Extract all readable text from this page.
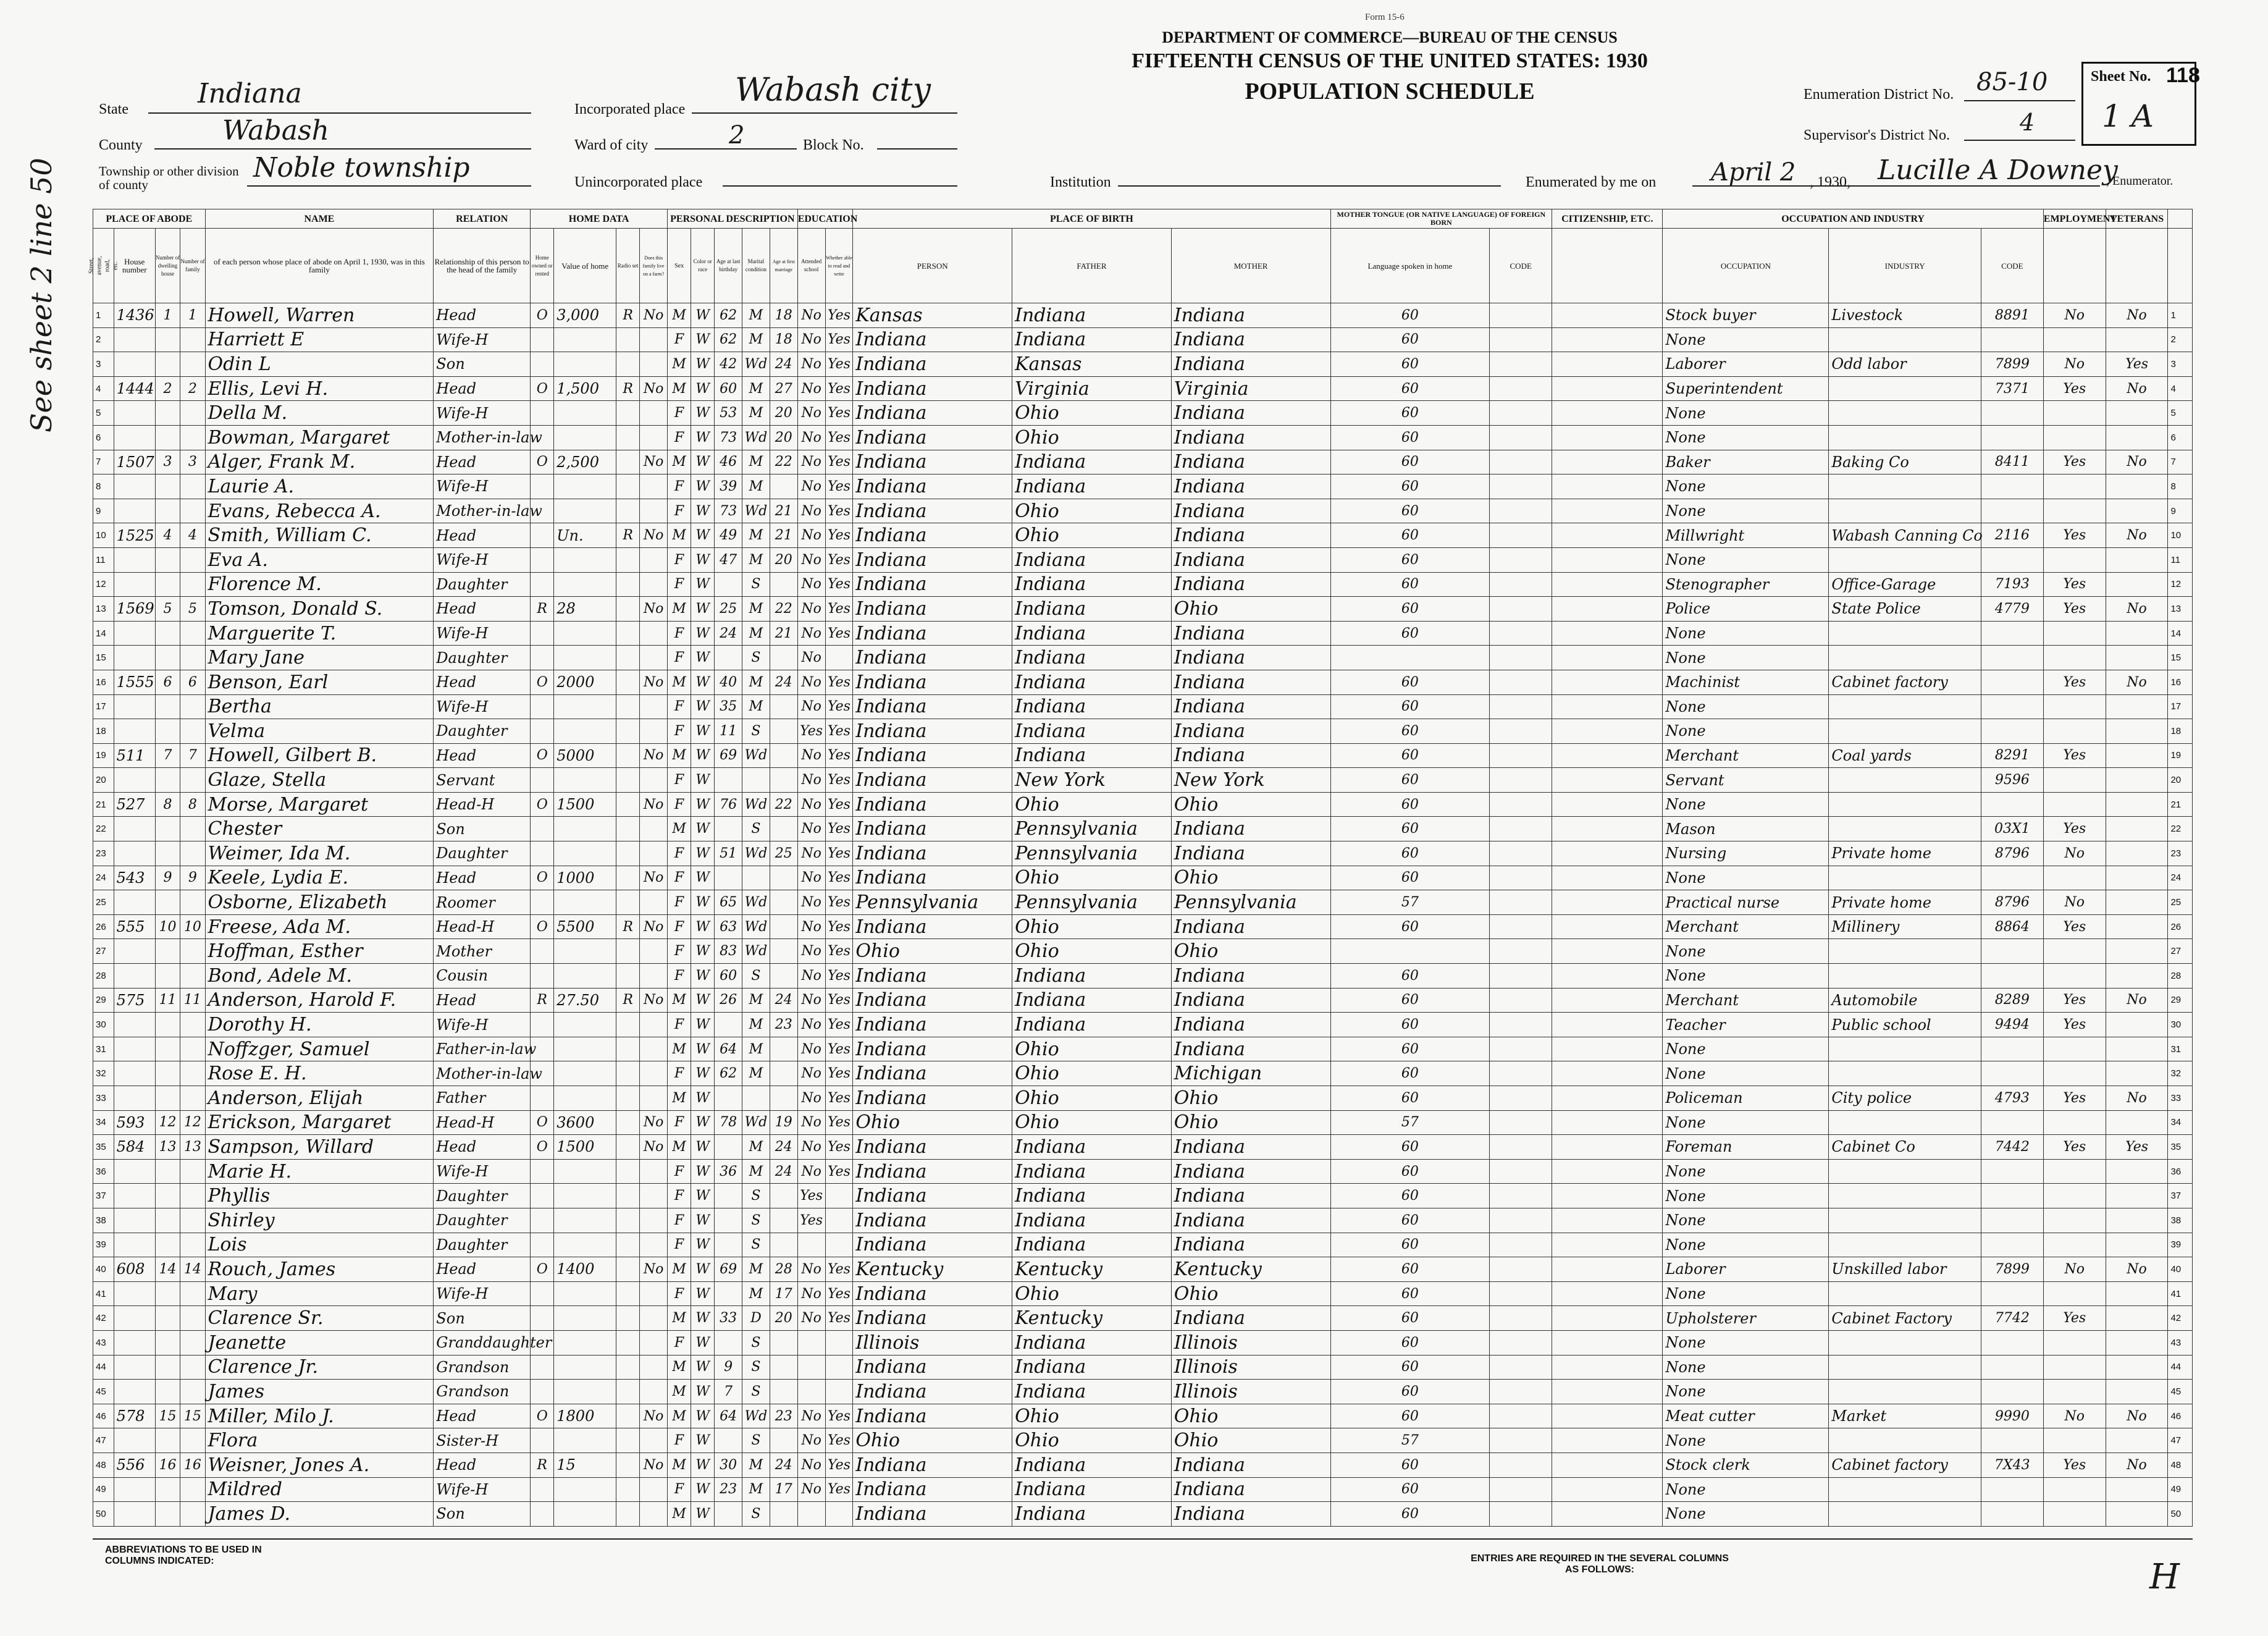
Form 15-6
DEPARTMENT OF COMMERCE—BUREAU OF THE CENSUS
FIFTEENTH CENSUS OF THE UNITED STATES: 1930
POPULATION SCHEDULE
State	Indiana
County	Wabash
Township or other division of county
Noble township
Incorporated place
Wabash city
Ward of city	2	Block No.
Unincorporated place	Institution
Enumeration District No. 85-10
Supervisor's District No.	4
Enumerated by me on April 2 , 1930, Lucille A Downey
, Enumerator.
Sheet No. 118
1 A
PLACE OF ABODE				NAME	RELATION	HOME DATA				PERSONAL DESCRIPTION					EDUCATION		PLACE OF BIRTH			MOTHER TONGUE (OR NATIVE LANGUAGE) OF FOREIGN BORN		CITIZENSHIP, ETC.	OCCUPATION AND INDUSTRY			EMPLOYMENT	VETERANS	

Street, avenue, road, etc.	House number	Number of dwelling house	Number of family	of each person whose place of abode on April 1, 1930, was in this family	Relationship of this person to the head of the family	Home owned or rented	Value of home	Radio set	Does this family live on a farm?	Sex	Color or race	Age at last birthday	Marital condition	Age at first marriage	Attended school	Whether able to read and write	PERSON	FATHER	MOTHER	Language spoken in home	CODE		OCCUPATION	INDUSTRY	CODE			
1	1436	1	1	Howell, Warren	Head	O	3,000	R	No	M	W	62	M	18	No	Yes	Kansas	Indiana	Indiana	60			Stock buyer	Livestock	8891	No	No	1
2				Harriett E	Wife-H					F	W	62	M	18	No	Yes	Indiana	Indiana	Indiana	60			None					2
3				Odin L	Son					M	W	42	Wd	24	No	Yes	Indiana	Kansas	Indiana	60			Laborer	Odd labor	7899	No	Yes	3
4	1444	2	2	Ellis, Levi H.	Head	O	1,500	R	No	M	W	60	M	27	No	Yes	Indiana	Virginia	Virginia	60			Superintendent		7371	Yes	No	4
5				Della M.	Wife-H					F	W	53	M	20	No	Yes	Indiana	Ohio	Indiana	60			None					5
6				Bowman, Margaret	Mother-in-law					F	W	73	Wd	20	No	Yes	Indiana	Ohio	Indiana	60			None					6
7	1507	3	3	Alger, Frank M.	Head	O	2,500		No	M	W	46	M	22	No	Yes	Indiana	Indiana	Indiana	60			Baker	Baking Co	8411	Yes	No	7
8				Laurie A.	Wife-H					F	W	39	M		No	Yes	Indiana	Indiana	Indiana	60			None					8
9				Evans, Rebecca A.	Mother-in-law					F	W	73	Wd	21	No	Yes	Indiana	Ohio	Indiana	60			None					9
10	1525	4	4	Smith, William C.	Head		Un.	R	No	M	W	49	M	21	No	Yes	Indiana	Ohio	Indiana	60			Millwright	Wabash Canning Co	2116	Yes	No	10
11				Eva A.	Wife-H					F	W	47	M	20	No	Yes	Indiana	Indiana	Indiana	60			None					11
12				Florence M.	Daughter					F	W		S		No	Yes	Indiana	Indiana	Indiana	60			Stenographer	Office-Garage	7193	Yes		12
13	1569	5	5	Tomson, Donald S.	Head	R	28		No	M	W	25	M	22	No	Yes	Indiana	Indiana	Ohio	60			Police	State Police	4779	Yes	No	13
14				Marguerite T.	Wife-H					F	W	24	M	21	No	Yes	Indiana	Indiana	Indiana	60			None					14
15				Mary Jane	Daughter					F	W		S		No		Indiana	Indiana	Indiana				None					15
16	1555	6	6	Benson, Earl	Head	O	2000		No	M	W	40	M	24	No	Yes	Indiana	Indiana	Indiana	60			Machinist	Cabinet factory		Yes	No	16
17				Bertha	Wife-H					F	W	35	M		No	Yes	Indiana	Indiana	Indiana	60			None					17
18				Velma	Daughter					F	W	11	S		Yes	Yes	Indiana	Indiana	Indiana	60			None					18
19	511	7	7	Howell, Gilbert B.	Head	O	5000		No	M	W	69	Wd		No	Yes	Indiana	Indiana	Indiana	60			Merchant	Coal yards	8291	Yes		19
20				Glaze, Stella	Servant					F	W				No	Yes	Indiana	New York	New York	60			Servant		9596			20
21	527	8	8	Morse, Margaret	Head-H	O	1500		No	F	W	76	Wd	22	No	Yes	Indiana	Ohio	Ohio	60			None					21
22				Chester	Son					M	W		S		No	Yes	Indiana	Pennsylvania	Indiana	60			Mason		03X1	Yes		22
23				Weimer, Ida M.	Daughter					F	W	51	Wd	25	No	Yes	Indiana	Pennsylvania	Indiana	60			Nursing	Private home	8796	No		23
24	543	9	9	Keele, Lydia E.	Head	O	1000		No	F	W				No	Yes	Indiana	Ohio	Ohio	60			None					24
25				Osborne, Elizabeth	Roomer					F	W	65	Wd		No	Yes	Pennsylvania	Pennsylvania	Pennsylvania	57			Practical nurse	Private home	8796	No		25
26	555	10	10	Freese, Ada M.	Head-H	O	5500	R	No	F	W	63	Wd		No	Yes	Indiana	Ohio	Indiana	60			Merchant	Millinery	8864	Yes		26
27				Hoffman, Esther	Mother					F	W	83	Wd		No	Yes	Ohio	Ohio	Ohio				None					27
28				Bond, Adele M.	Cousin					F	W	60	S		No	Yes	Indiana	Indiana	Indiana	60			None					28
29	575	11	11	Anderson, Harold F.	Head	R	27.50	R	No	M	W	26	M	24	No	Yes	Indiana	Indiana	Indiana	60			Merchant	Automobile	8289	Yes	No	29
30				Dorothy H.	Wife-H					F	W		M	23	No	Yes	Indiana	Indiana	Indiana	60			Teacher	Public school	9494	Yes		30
31				Noffzger, Samuel	Father-in-law					M	W	64	M		No	Yes	Indiana	Ohio	Indiana	60			None					31
32				Rose E. H.	Mother-in-law					F	W	62	M		No	Yes	Indiana	Ohio	Michigan	60			None					32
33				Anderson, Elijah	Father					M	W				No	Yes	Indiana	Ohio	Ohio	60			Policeman	City police	4793	Yes	No	33
34	593	12	12	Erickson, Margaret	Head-H	O	3600		No	F	W	78	Wd	19	No	Yes	Ohio	Ohio	Ohio	57			None					34
35	584	13	13	Sampson, Willard	Head	O	1500		No	M	W		M	24	No	Yes	Indiana	Indiana	Indiana	60			Foreman	Cabinet Co	7442	Yes	Yes	35
36				Marie H.	Wife-H					F	W	36	M	24	No	Yes	Indiana	Indiana	Indiana	60			None					36
37				Phyllis	Daughter					F	W		S		Yes		Indiana	Indiana	Indiana	60			None					37
38				Shirley	Daughter					F	W		S		Yes		Indiana	Indiana	Indiana	60			None					38
39				Lois	Daughter					F	W		S				Indiana	Indiana	Indiana	60			None					39
40	608	14	14	Rouch, James	Head	O	1400		No	M	W	69	M	28	No	Yes	Kentucky	Kentucky	Kentucky	60			Laborer	Unskilled labor	7899	No	No	40
41				Mary	Wife-H					F	W		M	17	No	Yes	Indiana	Ohio	Ohio	60			None					41
42				Clarence Sr.	Son					M	W	33	D	20	No	Yes	Indiana	Kentucky	Indiana	60			Upholsterer	Cabinet Factory	7742	Yes		42
43				Jeanette	Granddaughter					F	W		S				Illinois	Indiana	Illinois	60			None					43
44				Clarence Jr.	Grandson					M	W	9	S				Indiana	Indiana	Illinois	60			None					44
45				James	Grandson					M	W	7	S				Indiana	Indiana	Illinois	60			None					45
46	578	15	15	Miller, Milo J.	Head	O	1800		No	M	W	64	Wd	23	No	Yes	Indiana	Ohio	Ohio	60			Meat cutter	Market	9990	No	No	46
47				Flora	Sister-H					F	W		S		No	Yes	Ohio	Ohio	Ohio	57			None					47
48	556	16	16	Weisner, Jones A.	Head	R	15		No	M	W	30	M	24	No	Yes	Indiana	Indiana	Indiana	60			Stock clerk	Cabinet factory	7X43	Yes	No	48
49				Mildred	Wife-H					F	W	23	M	17	No	Yes	Indiana	Indiana	Indiana	60			None					49
50				James D.	Son					M	W		S				Indiana	Indiana	Indiana	60			None					50
See sheet 2 line 50
ABBREVIATIONS TO BE USED IN COLUMNS INDICATED:	ENTRIES ARE REQUIRED IN THE SEVERAL COLUMNS AS FOLLOWS:	H
